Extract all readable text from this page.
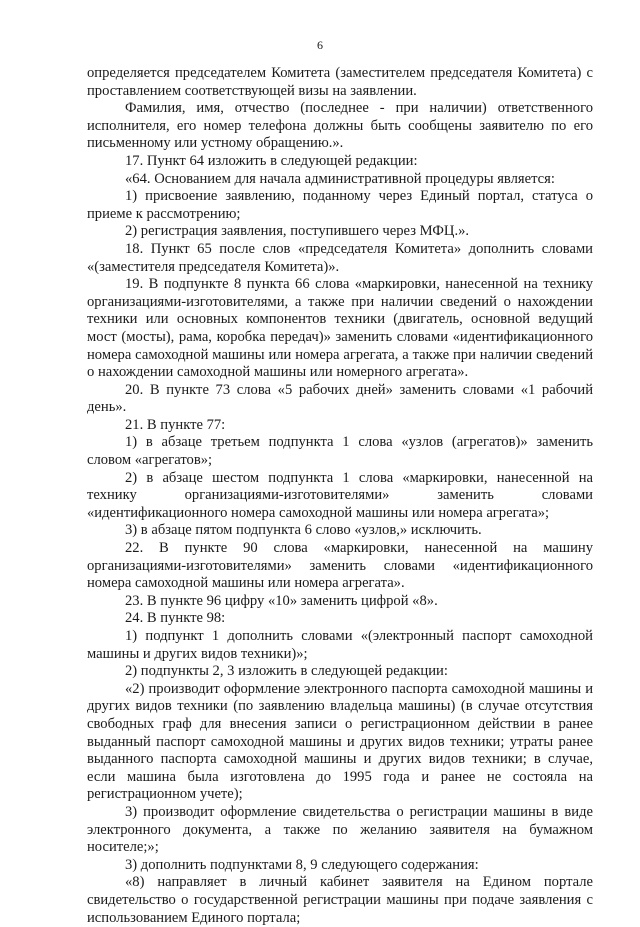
6

определяется председателем Комитета (заместителем председателя Комитета) с проставлением соответствующей визы на заявлении.

Фамилия, имя, отчество (последнее - при наличии) ответственного исполнителя, его номер телефона должны быть сообщены заявителю по его письменному или устному обращению.».

17. Пункт 64 изложить в следующей редакции:

«64. Основанием для начала административной процедуры является:

1) присвоение заявлению, поданному через Единый портал, статуса о приеме к рассмотрению;

2) регистрация заявления, поступившего через МФЦ.».

18. Пункт 65 после слов «председателя Комитета» дополнить словами «(заместителя председателя Комитета)».

19. В подпункте 8 пункта 66 слова «маркировки, нанесенной на технику организациями-изготовителями, а также при наличии сведений о нахождении техники или основных компонентов техники (двигатель, основной ведущий мост (мосты), рама, коробка передач)» заменить словами «идентификационного номера самоходной машины или номера агрегата, а также при наличии сведений о нахождении самоходной машины или номерного агрегата».

20. В пункте 73 слова «5 рабочих дней» заменить словами «1 рабочий день».

21. В пункте 77:

1) в абзаце третьем подпункта 1 слова «узлов (агрегатов)» заменить словом «агрегатов»;

2) в абзаце шестом подпункта 1 слова «маркировки, нанесенной на технику организациями-изготовителями» заменить словами «идентификационного номера самоходной машины или номера агрегата»;

3) в абзаце пятом подпункта 6 слово «узлов,» исключить.

22. В пункте 90 слова «маркировки, нанесенной на машину организациями-изготовителями» заменить словами «идентификационного номера самоходной машины или номера агрегата».

23. В пункте 96 цифру «10» заменить цифрой «8».

24. В пункте 98:

1) подпункт 1 дополнить словами «(электронный паспорт самоходной машины и других видов техники)»;

2) подпункты 2, 3 изложить в следующей редакции:

«2) производит оформление электронного паспорта самоходной машины и других видов техники (по заявлению владельца машины) (в случае отсутствия свободных граф для внесения записи о регистрационном действии в ранее выданный паспорт самоходной машины и других видов техники; утраты ранее выданного паспорта самоходной машины и других видов техники; в случае, если машина была изготовлена до 1995 года и ранее не состояла на регистрационном учете);

3) производит оформление свидетельства о регистрации машины в виде электронного документа, а также по желанию заявителя на бумажном носителе;»;

3) дополнить подпунктами 8, 9 следующего содержания:

«8) направляет в личный кабинет заявителя на Едином портале свидетельство о государственной регистрации машины при подаче заявления с использованием Единого портала;
